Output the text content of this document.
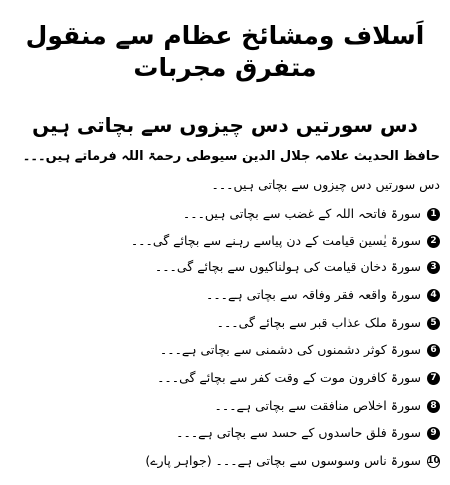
اَسلاف ومشائخ عظام سے منقول متفرق مجربات
دس سورتیں دس چیزوں سے بچاتی ہیں
حافظ الحدیث علامہ جلال الدین سیوطی رحمۃ اللہ فرماتے ہیں۔۔۔
دس سورتیں دس چیزوں سے بچاتی ہیں۔۔۔
1
سورۃ فاتحہ اللہ کے غضب سے بچاتی ہیں۔۔۔
2
سورۃ یٰسین قیامت کے دن پیاسے رہنے سے بچائے گی۔۔۔
3
سورۃ دخان قیامت کی ہولناکیوں سے بچائے گی۔۔۔
4
سورۃ واقعہ فقر وفاقہ سے بچاتی ہے۔۔۔
5
سورۃ ملک عذاب قبر سے بچائے گی۔۔۔
6
سورۃ کوثر دشمنوں کی دشمنی سے بچاتی ہے۔۔۔
7
سورۃ کافرون موت کے وقت کفر سے بچائے گی۔۔۔
8
سورۃ اخلاص منافقت سے بچاتی ہے۔۔۔
9
سورۃ فلق حاسدوں کے حسد سے بچاتی ہے۔۔۔
10
سورۃ ناس وسوسوں سے بچاتی ہے۔۔۔ (جواہر پارے)
